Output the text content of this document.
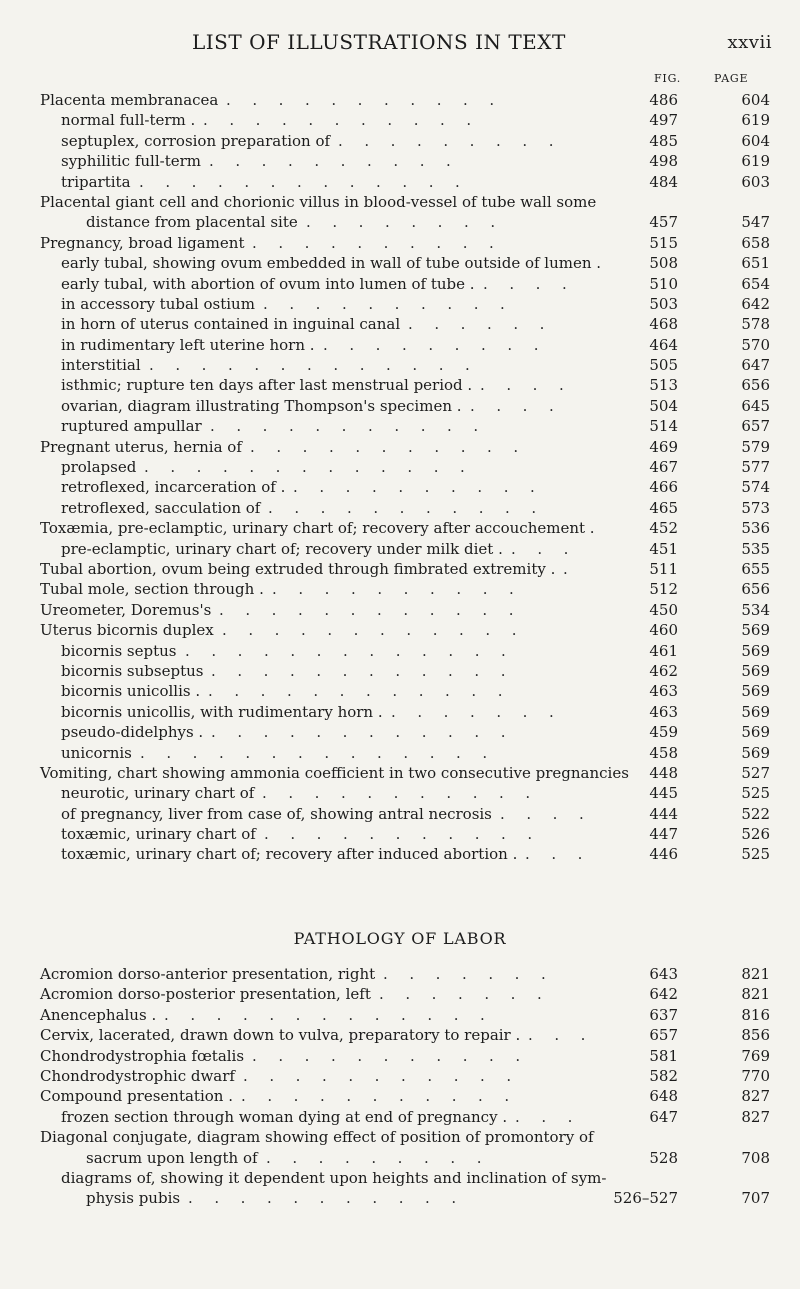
LIST OF ILLUSTRATIONS IN TEXT	xxvii
FIG.	PAGE
Placenta membranacea . . . . . . . . . . .	486	604
normal full-term . . . . . . . . . . . .	497	619
septuplex, corrosion preparation of . . . . . . . . .	485	604
syphilitic full-term . . . . . . . . . .	498	619
tripartita . . . . . . . . . . . . .	484	603
Placental giant cell and chorionic villus in blood-vessel of tube wall some
distance from placental site . . . . . . . .	457	547
Pregnancy, broad ligament . . . . . . . . . .	515	658
early tubal, showing ovum embedded in wall of tube outside of lumen .	508	651
early tubal, with abortion of ovum into lumen of tube . . . . .	510	654
in accessory tubal ostium . . . . . . . . . .	503	642
in horn of uterus contained in inguinal canal . . . . . .	468	578
in rudimentary left uterine horn . . . . . . . . . .	464	570
interstitial . . . . . . . . . . . . .	505	647
isthmic; rupture ten days after last menstrual period . . . . .	513	656
ovarian, diagram illustrating Thompson's specimen . . . . .	504	645
ruptured ampullar . . . . . . . . . . .	514	657
Pregnant uterus, hernia of . . . . . . . . . . .	469	579
prolapsed . . . . . . . . . . . . .	467	577
retroflexed, incarceration of . . . . . . . . . . .	466	574
retroflexed, sacculation of . . . . . . . . . . .	465	573
Toxæmia, pre-eclamptic, urinary chart of; recovery after accouchement .	452	536
pre-eclamptic, urinary chart of; recovery under milk diet . . . .	451	535
Tubal abortion, ovum being extruded through fimbrated extremity . .	511	655
Tubal mole, section through . . . . . . . . . . .	512	656
Ureometer, Doremus's . . . . . . . . . . . .	450	534
Uterus bicornis duplex . . . . . . . . . . . .	460	569
bicornis septus . . . . . . . . . . . . .	461	569
bicornis subseptus . . . . . . . . . . . .	462	569
bicornis unicollis . . . . . . . . . . . . .	463	569
bicornis unicollis, with rudimentary horn . . . . . . . .	463	569
pseudo-didelphys . . . . . . . . . . . . .	459	569
unicornis . . . . . . . . . . . . . .	458	569
Vomiting, chart showing ammonia coefficient in two consecutive pregnancies 448	527
neurotic, urinary chart of . . . . . . . . . . .	445	525
of pregnancy, liver from case of, showing antral necrosis . . . .	444	522
toxæmic, urinary chart of . . . . . . . . . . .	447	526
toxæmic, urinary chart of; recovery after induced abortion . . . .	446	525
PATHOLOGY OF LABOR
Acromion dorso-anterior presentation, right . . . . . . .	643	821
Acromion dorso-posterior presentation, left . . . . . . .	642	821
Anencephalus . . . . . . . . . . . . . .	637	816
Cervix, lacerated, drawn down to vulva, preparatory to repair . . . .	657	856
Chondrodystrophia fœtalis . . . . . . . . . . .	581	769
Chondrodystrophic dwarf . . . . . . . . . . .	582	770
Compound presentation . . . . . . . . . . . .	648	827
frozen section through woman dying at end of pregnancy . . . .	647	827
Diagonal conjugate, diagram showing effect of position of promontory of
sacrum upon length of . . . . . . . . .	528	708
diagrams of, showing it dependent upon heights and inclination of sym-
physis pubis . . . . . . . . . . .	526–527	707
